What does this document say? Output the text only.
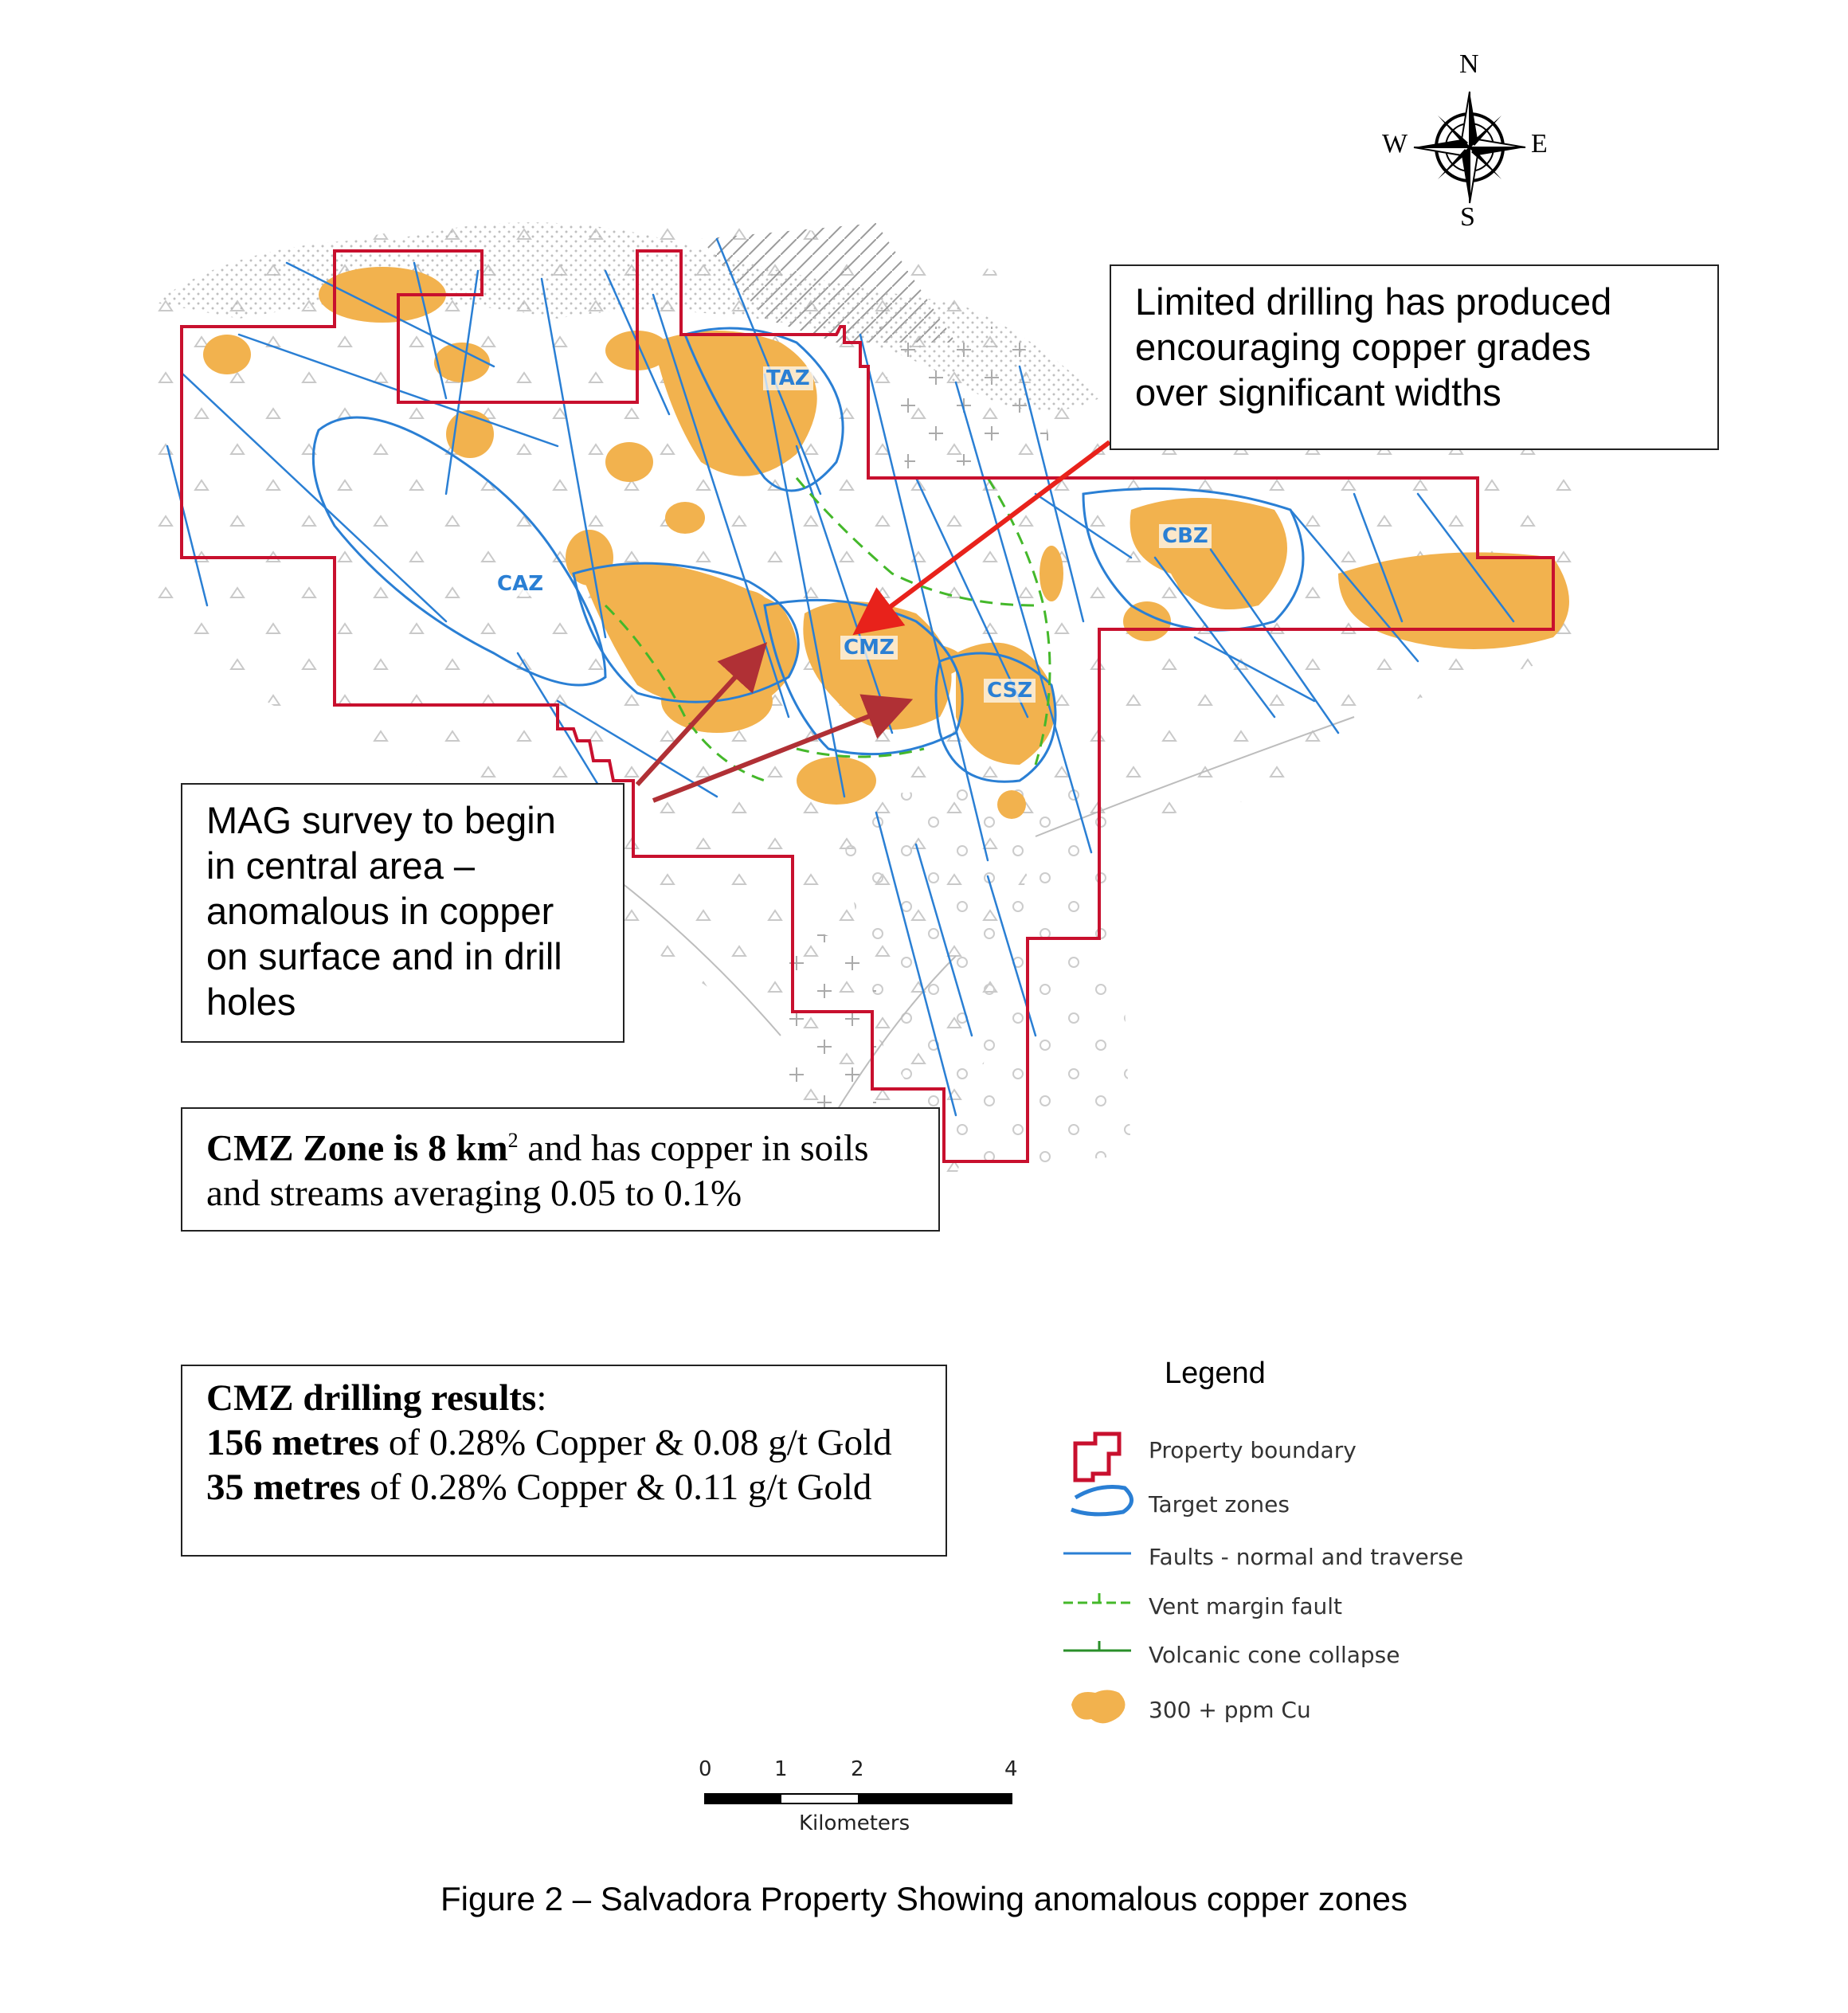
TAZ
CAZ
CMZ
CBZ
CSZ
N
S
E
W
Limited drilling has produced
encouraging copper grades
over significant widths
MAG survey to begin
in central area –
anomalous in copper
on surface and in drill
holes
CMZ Zone is 8 $km^2$ and has copper in soils
and streams averaging 0.05 to 0.1%
CMZ drilling results:
156 metres of 0.28% Copper & 0.08 g/t Gold
35 metres of 0.28% Copper & 0.11 g/t Gold
Legend
Property boundary
Target zones
Faults - normal and traverse
Vent margin fault
Volcanic cone collapse
300 + ppm Cu
0	1	2	4
Kilometers
Figure 2 – Salvadora Property Showing anomalous copper zones
